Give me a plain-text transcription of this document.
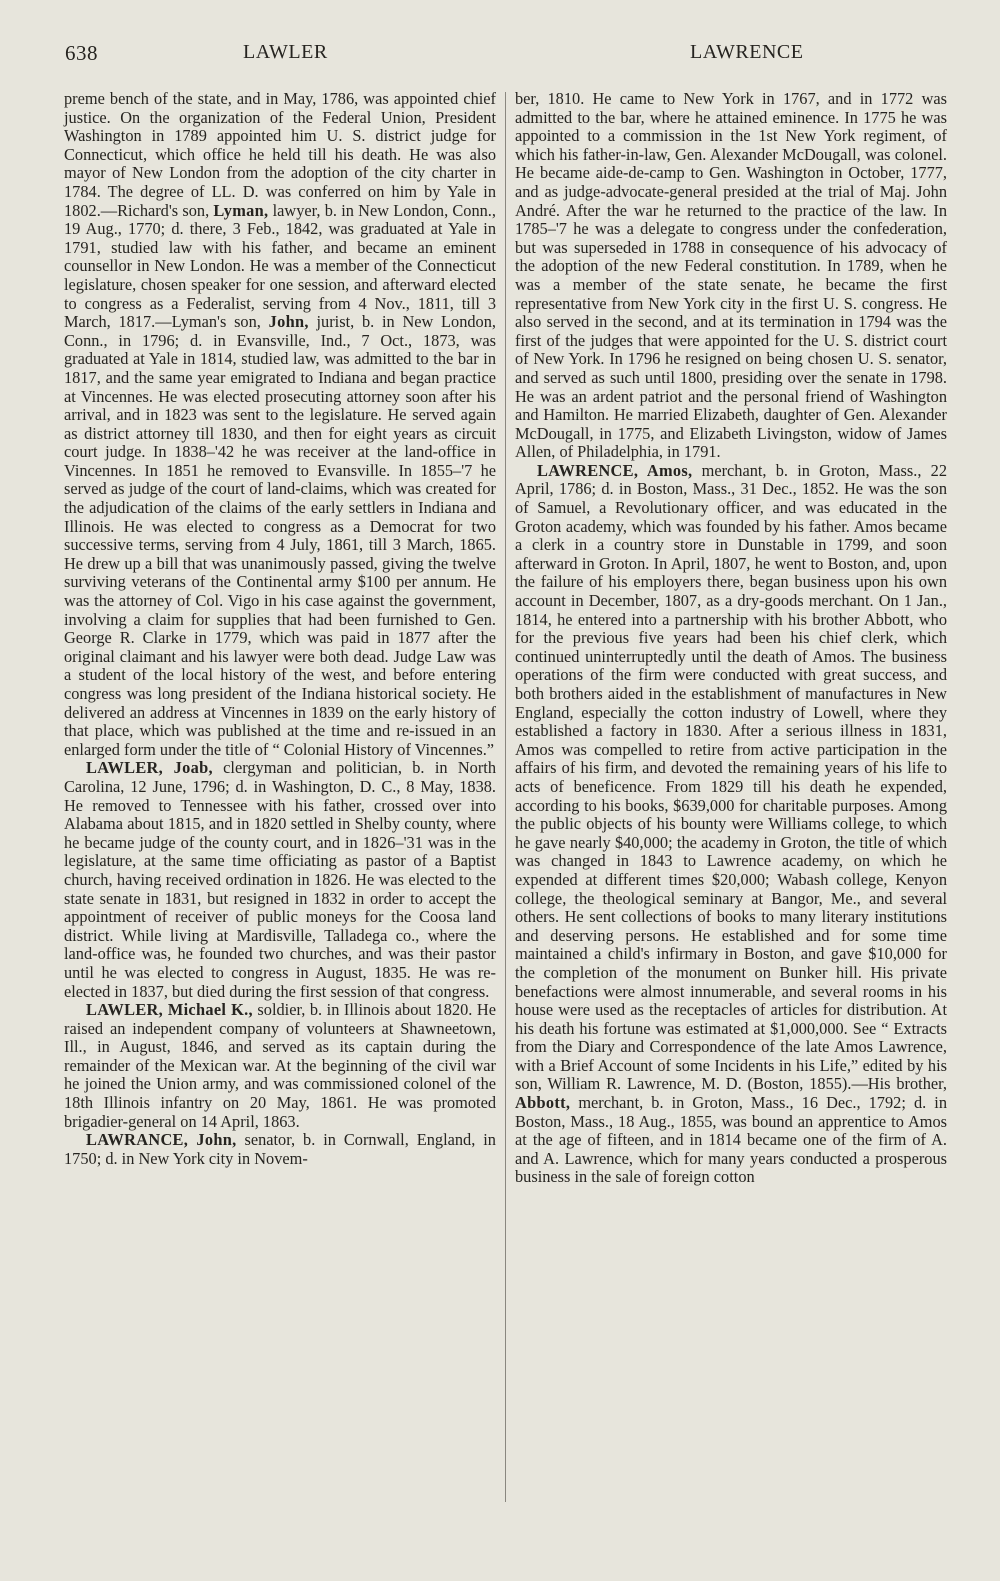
638	LAWLER	LAWRENCE

preme bench of the state, and in May, 1786, was appointed chief justice. On the organization of the Federal Union, President Washington in 1789 appointed him U. S. district judge for Connecticut, which office he held till his death. He was also mayor of New London from the adoption of the city charter in 1784. The degree of LL. D. was conferred on him by Yale in 1802.—Richard's son, Lyman, lawyer, b. in New London, Conn., 19 Aug., 1770; d. there, 3 Feb., 1842, was graduated at Yale in 1791, studied law with his father, and became an eminent counsellor in New London. He was a member of the Connecticut legislature, chosen speaker for one session, and afterward elected to congress as a Federalist, serving from 4 Nov., 1811, till 3 March, 1817.—Lyman's son, John, jurist, b. in New London, Conn., in 1796; d. in Evansville, Ind., 7 Oct., 1873, was graduated at Yale in 1814, studied law, was admitted to the bar in 1817, and the same year emigrated to Indiana and began practice at Vincennes. He was elected prosecuting attorney soon after his arrival, and in 1823 was sent to the legislature. He served again as district attorney till 1830, and then for eight years as circuit court judge. In 1838–'42 he was receiver at the land-office in Vincennes. In 1851 he removed to Evansville. In 1855–'7 he served as judge of the court of land-claims, which was created for the adjudication of the claims of the early settlers in Indiana and Illinois. He was elected to congress as a Democrat for two successive terms, serving from 4 July, 1861, till 3 March, 1865. He drew up a bill that was unanimously passed, giving the twelve surviving veterans of the Continental army $100 per annum. He was the attorney of Col. Vigo in his case against the government, involving a claim for supplies that had been furnished to Gen. George R. Clarke in 1779, which was paid in 1877 after the original claimant and his lawyer were both dead. Judge Law was a student of the local history of the west, and before entering congress was long president of the Indiana historical society. He delivered an address at Vincennes in 1839 on the early history of that place, which was published at the time and re-issued in an enlarged form under the title of “ Colonial History of Vincennes.”

LAWLER, Joab, clergyman and politician, b. in North Carolina, 12 June, 1796; d. in Washington, D. C., 8 May, 1838. He removed to Tennessee with his father, crossed over into Alabama about 1815, and in 1820 settled in Shelby county, where he became judge of the county court, and in 1826–'31 was in the legislature, at the same time officiating as pastor of a Baptist church, having received ordination in 1826. He was elected to the state senate in 1831, but resigned in 1832 in order to accept the appointment of receiver of public moneys for the Coosa land district. While living at Mardisville, Talladega co., where the land-office was, he founded two churches, and was their pastor until he was elected to congress in August, 1835. He was re-elected in 1837, but died during the first session of that congress.

LAWLER, Michael K., soldier, b. in Illinois about 1820. He raised an independent company of volunteers at Shawneetown, Ill., in August, 1846, and served as its captain during the remainder of the Mexican war. At the beginning of the civil war he joined the Union army, and was commissioned colonel of the 18th Illinois infantry on 20 May, 1861. He was promoted brigadier-general on 14 April, 1863.

LAWRANCE, John, senator, b. in Cornwall, England, in 1750; d. in New York city in Novem-

ber, 1810. He came to New York in 1767, and in 1772 was admitted to the bar, where he attained eminence. In 1775 he was appointed to a commission in the 1st New York regiment, of which his father-in-law, Gen. Alexander McDougall, was colonel. He became aide-de-camp to Gen. Washington in October, 1777, and as judge-advocate-general presided at the trial of Maj. John André. After the war he returned to the practice of the law. In 1785–'7 he was a delegate to congress under the confederation, but was superseded in 1788 in consequence of his advocacy of the adoption of the new Federal constitution. In 1789, when he was a member of the state senate, he became the first representative from New York city in the first U. S. congress. He also served in the second, and at its termination in 1794 was the first of the judges that were appointed for the U. S. district court of New York. In 1796 he resigned on being chosen U. S. senator, and served as such until 1800, presiding over the senate in 1798. He was an ardent patriot and the personal friend of Washington and Hamilton. He married Elizabeth, daughter of Gen. Alexander McDougall, in 1775, and Elizabeth Livingston, widow of James Allen, of Philadelphia, in 1791.

LAWRENCE, Amos, merchant, b. in Groton, Mass., 22 April, 1786; d. in Boston, Mass., 31 Dec., 1852. He was the son of Samuel, a Revolutionary officer, and was educated in the Groton academy, which was founded by his father. Amos became a clerk in a country store in Dunstable in 1799, and soon afterward in Groton. In April, 1807, he went to Boston, and, upon the failure of his employers there, began business upon his own account in December, 1807, as a dry-goods merchant. On 1 Jan., 1814, he entered into a partnership with his brother Abbott, who for the previous five years had been his chief clerk, which continued uninterruptedly until the death of Amos. The business operations of the firm were conducted with great success, and both brothers aided in the establishment of manufactures in New England, especially the cotton industry of Lowell, where they established a factory in 1830. After a serious illness in 1831, Amos was compelled to retire from active participation in the affairs of his firm, and devoted the remaining years of his life to acts of beneficence. From 1829 till his death he expended, according to his books, $639,000 for charitable purposes. Among the public objects of his bounty were Williams college, to which he gave nearly $40,000; the academy in Groton, the title of which was changed in 1843 to Lawrence academy, on which he expended at different times $20,000; Wabash college, Kenyon college, the theological seminary at Bangor, Me., and several others. He sent collections of books to many literary institutions and deserving persons. He established and for some time maintained a child's infirmary in Boston, and gave $10,000 for the completion of the monument on Bunker hill. His private benefactions were almost innumerable, and several rooms in his house were used as the receptacles of articles for distribution. At his death his fortune was estimated at $1,000,000. See “ Extracts from the Diary and Correspondence of the late Amos Lawrence, with a Brief Account of some Incidents in his Life,” edited by his son, William R. Lawrence, M. D. (Boston, 1855).—His brother, Abbott, merchant, b. in Groton, Mass., 16 Dec., 1792; d. in Boston, Mass., 18 Aug., 1855, was bound an apprentice to Amos at the age of fifteen, and in 1814 became one of the firm of A. and A. Lawrence, which for many years conducted a prosperous business in the sale of foreign cotton
